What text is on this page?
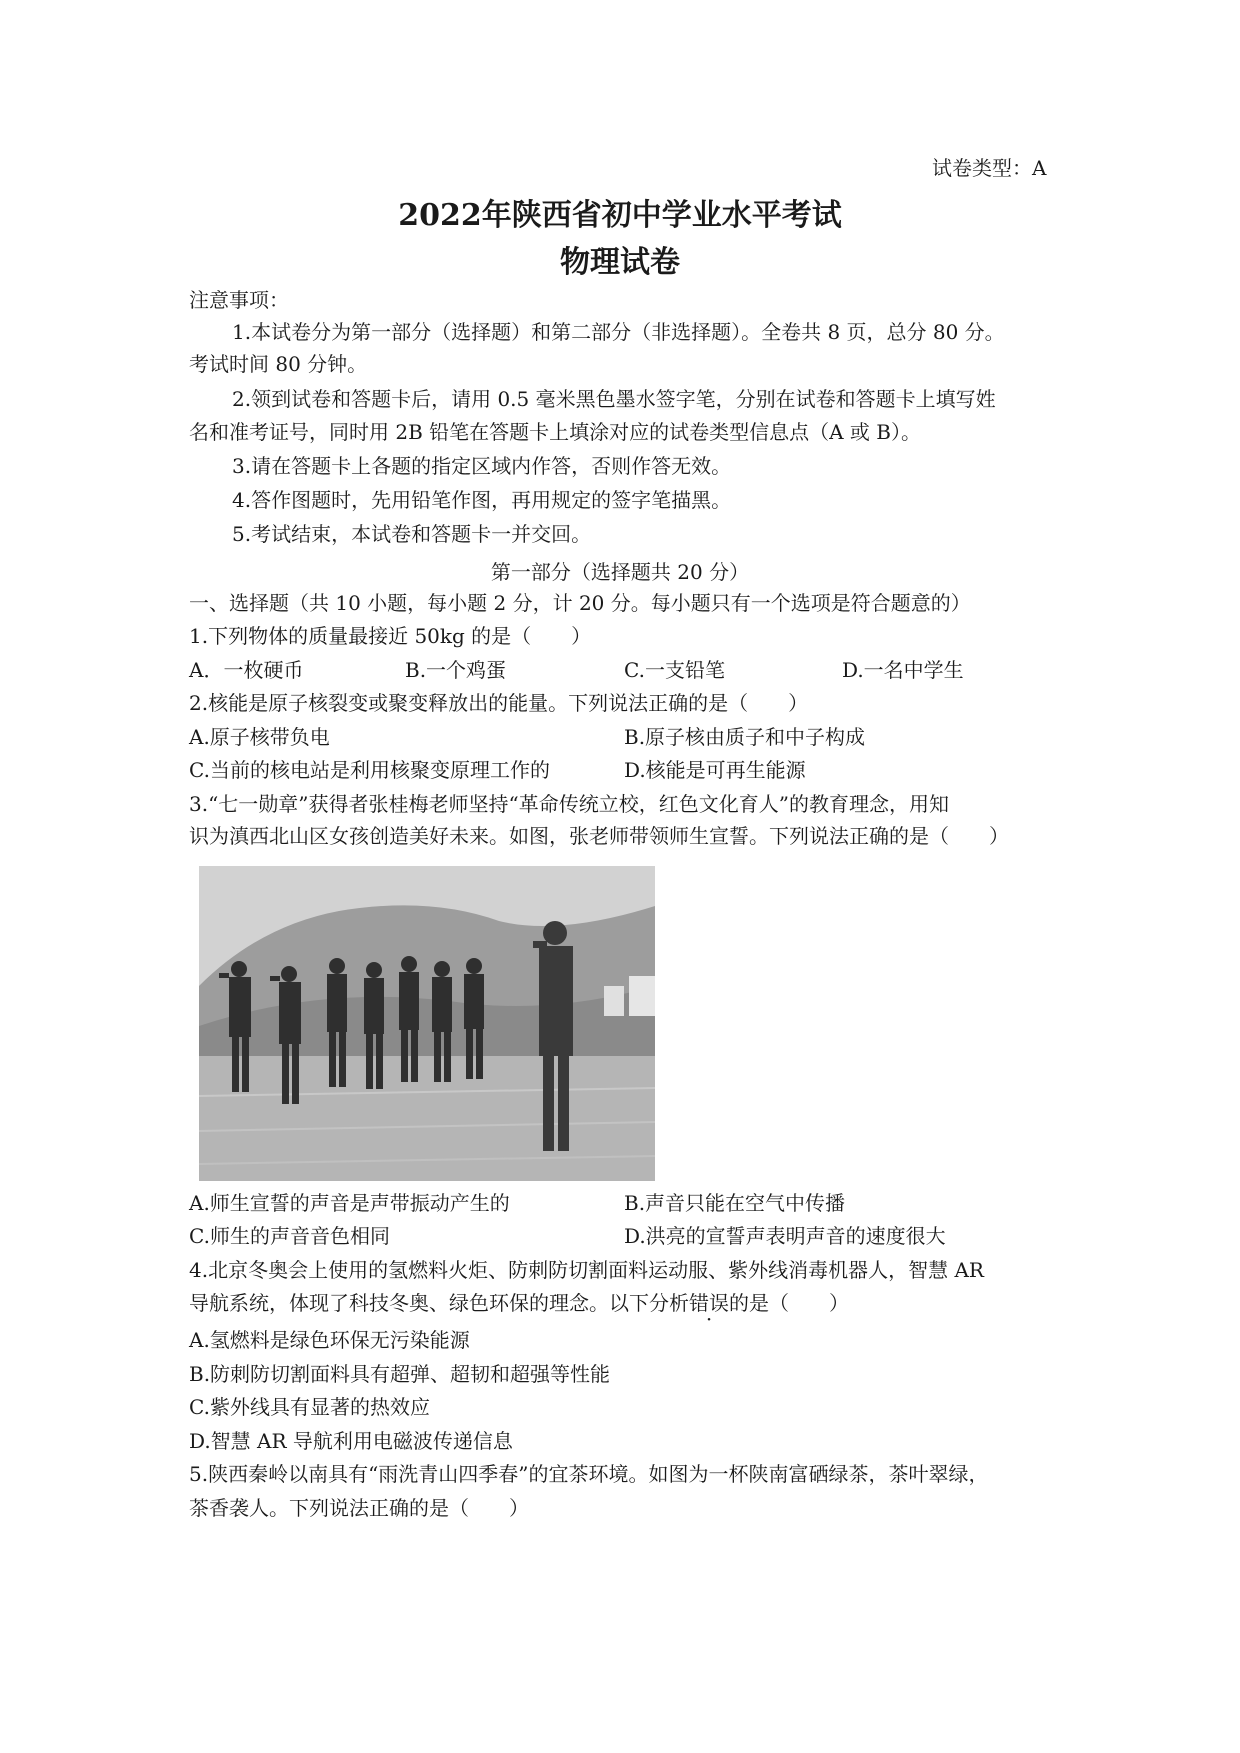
试卷类型：A
2022年陕西省初中学业水平考试
物理试卷
注意事项：
1.本试卷分为第一部分（选择题）和第二部分（非选择题）。全卷共 8 页，总分 80 分。
考试时间 80 分钟。
2.领到试卷和答题卡后，请用 0.5 毫米黑色墨水签字笔，分别在试卷和答题卡上填写姓
名和准考证号，同时用 2B 铅笔在答题卡上填涂对应的试卷类型信息点（A 或 B）。
3.请在答题卡上各题的指定区域内作答，否则作答无效。
4.答作图题时，先用铅笔作图，再用规定的签字笔描黑。
5.考试结束，本试卷和答题卡一并交回。
第一部分（选择题共 20 分）
一、选择题（共 10 小题，每小题 2 分，计 20 分。每小题只有一个选项是符合题意的）
1.下列物体的质量最接近 50kg 的是（　　）
A．一枚硬币	B.一个鸡蛋	C.一支铅笔	D.一名中学生
2.核能是原子核裂变或聚变释放出的能量。下列说法正确的是（　　）
A.原子核带负电	B.原子核由质子和中子构成
C.当前的核电站是利用核聚变原理工作的	D.核能是可再生能源
3.“七一勋章”获得者张桂梅老师坚持“革命传统立校，红色文化育人”的教育理念，用知
识为滇西北山区女孩创造美好未来。如图，张老师带领师生宣誓。下列说法正确的是（　　）
A.师生宣誓的声音是声带振动产生的	B.声音只能在空气中传播
C.师生的声音音色相同	D.洪亮的宣誓声表明声音的速度很大
4.北京冬奥会上使用的氢燃料火炬、防刺防切割面料运动服、紫外线消毒机器人，智慧 AR
导航系统，体现了科技冬奥、绿色环保的理念。以下分析错误的是（　　）
A.氢燃料是绿色环保无污染能源
B.防刺防切割面料具有超弹、超韧和超强等性能
C.紫外线具有显著的热效应
D.智慧 AR 导航利用电磁波传递信息
5.陕西秦岭以南具有“雨洗青山四季春”的宜茶环境。如图为一杯陕南富硒绿茶，茶叶翠绿，
茶香袭人。下列说法正确的是（　　）
